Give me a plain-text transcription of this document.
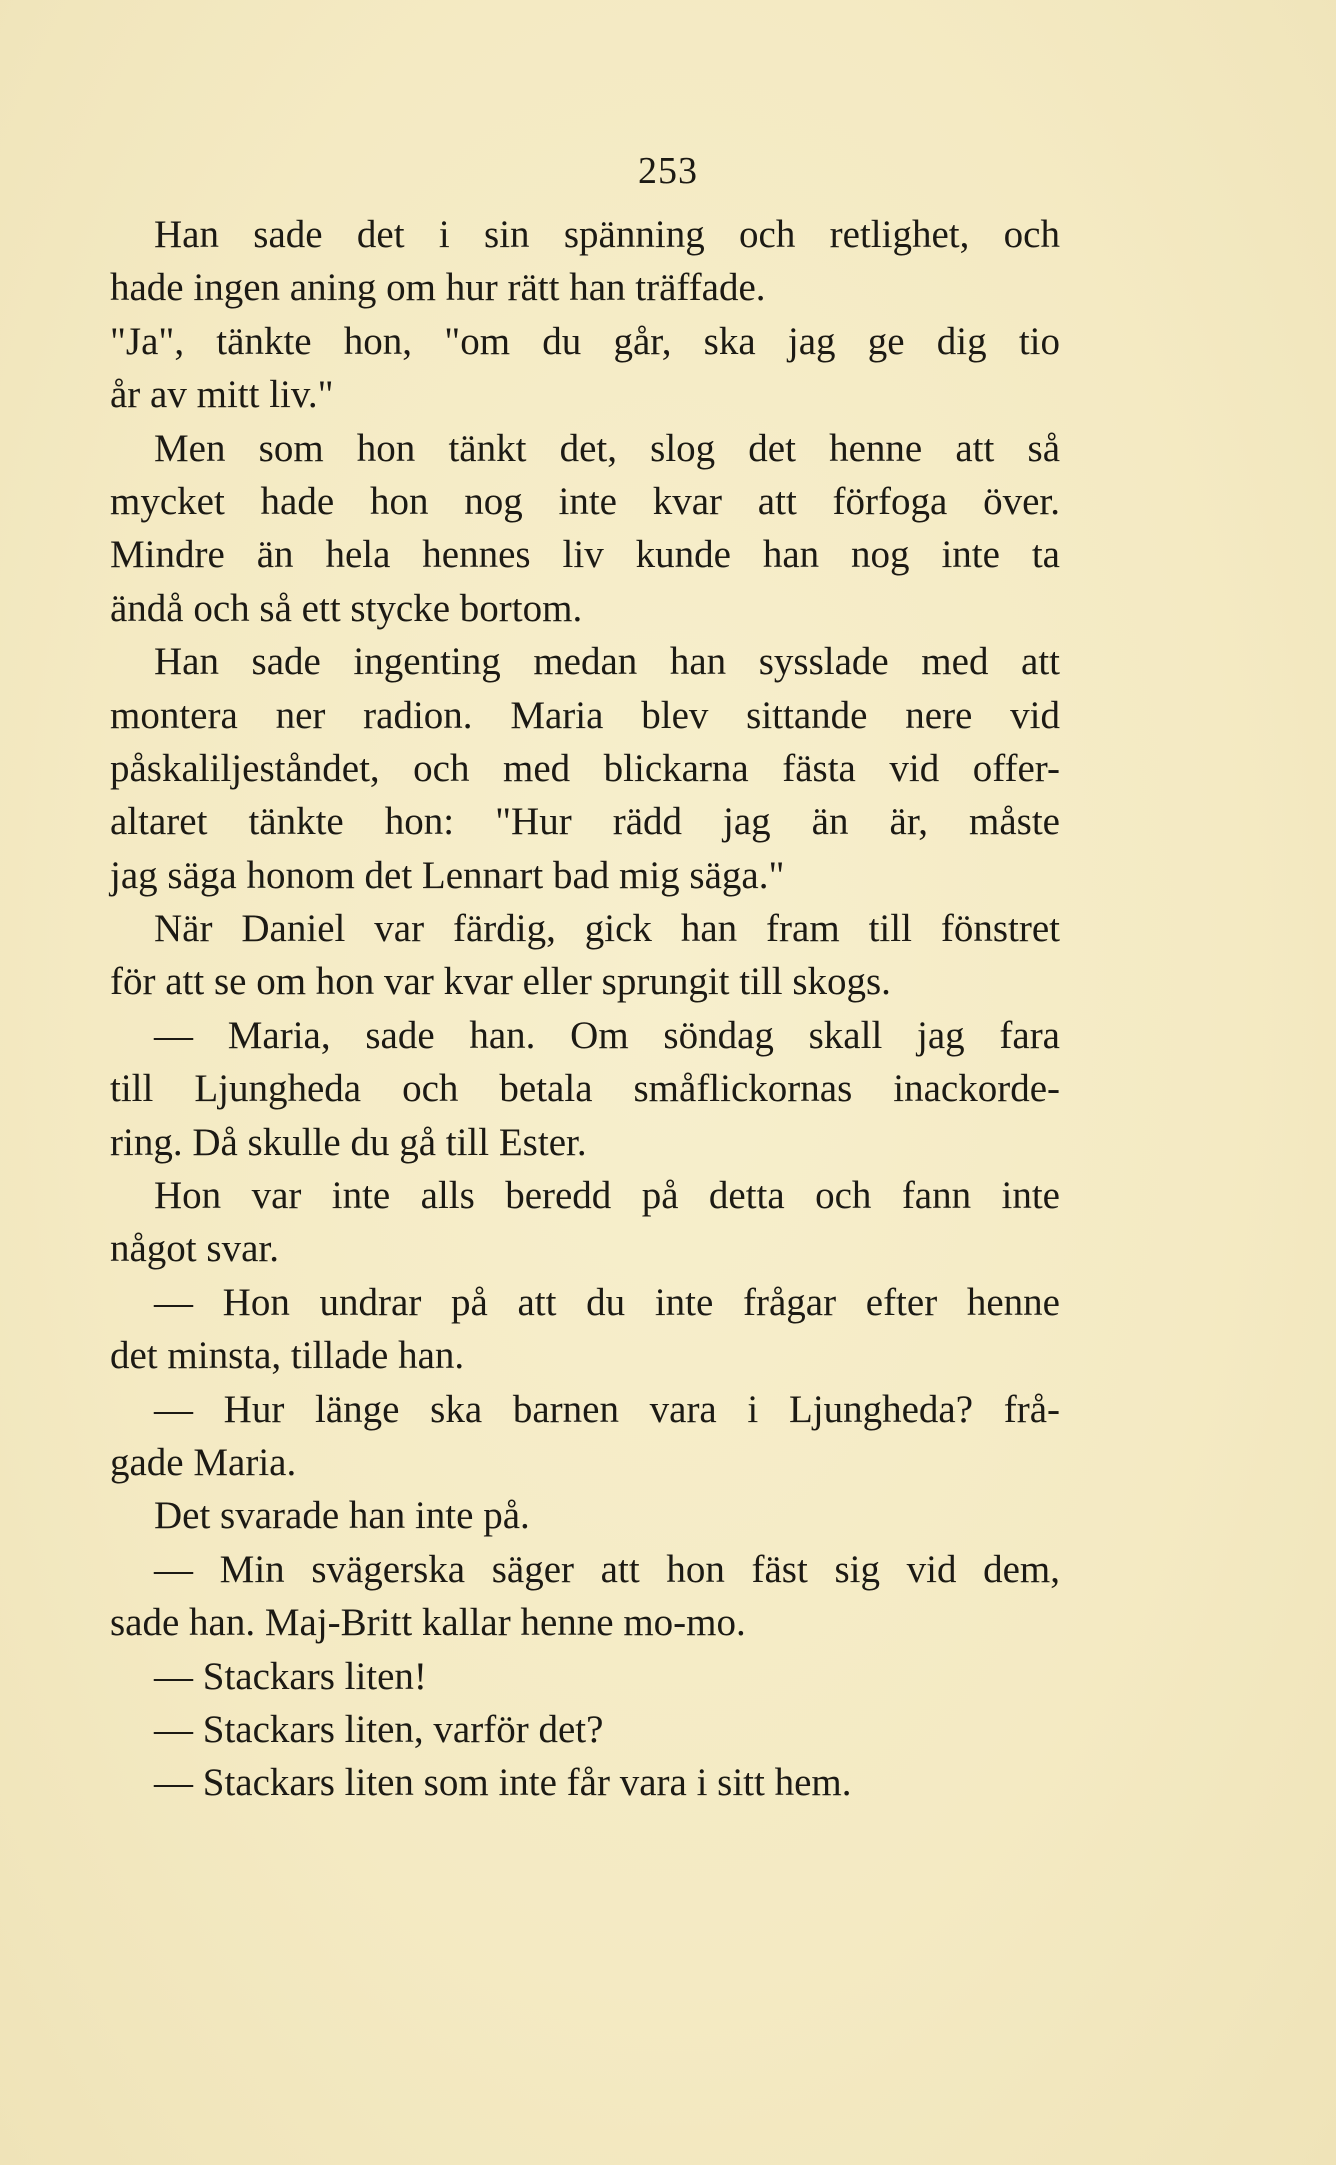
253
Han sade det i sin spänning och retlighet, och
hade ingen aning om hur rätt han träffade.
"Ja", tänkte hon, "om du går, ska jag ge dig tio
år av mitt liv."
Men som hon tänkt det, slog det henne att så
mycket hade hon nog inte kvar att förfoga över.
Mindre än hela hennes liv kunde han nog inte ta
ändå och så ett stycke bortom.
Han sade ingenting medan han sysslade med att
montera ner radion. Maria blev sittande nere vid
påskaliljeståndet, och med blickarna fästa vid offer-
altaret tänkte hon: "Hur rädd jag än är, måste
jag säga honom det Lennart bad mig säga."
När Daniel var färdig, gick han fram till fönstret
för att se om hon var kvar eller sprungit till skogs.
— Maria, sade han. Om söndag skall jag fara
till Ljungheda och betala småflickornas inackorde-
ring. Då skulle du gå till Ester.
Hon var inte alls beredd på detta och fann inte
något svar.
— Hon undrar på att du inte frågar efter henne
det minsta, tillade han.
— Hur länge ska barnen vara i Ljungheda? frå-
gade Maria.
Det svarade han inte på.
— Min svägerska säger att hon fäst sig vid dem,
sade han. Maj-Britt kallar henne mo-mo.
— Stackars liten!
— Stackars liten, varför det?
— Stackars liten som inte får vara i sitt hem.
